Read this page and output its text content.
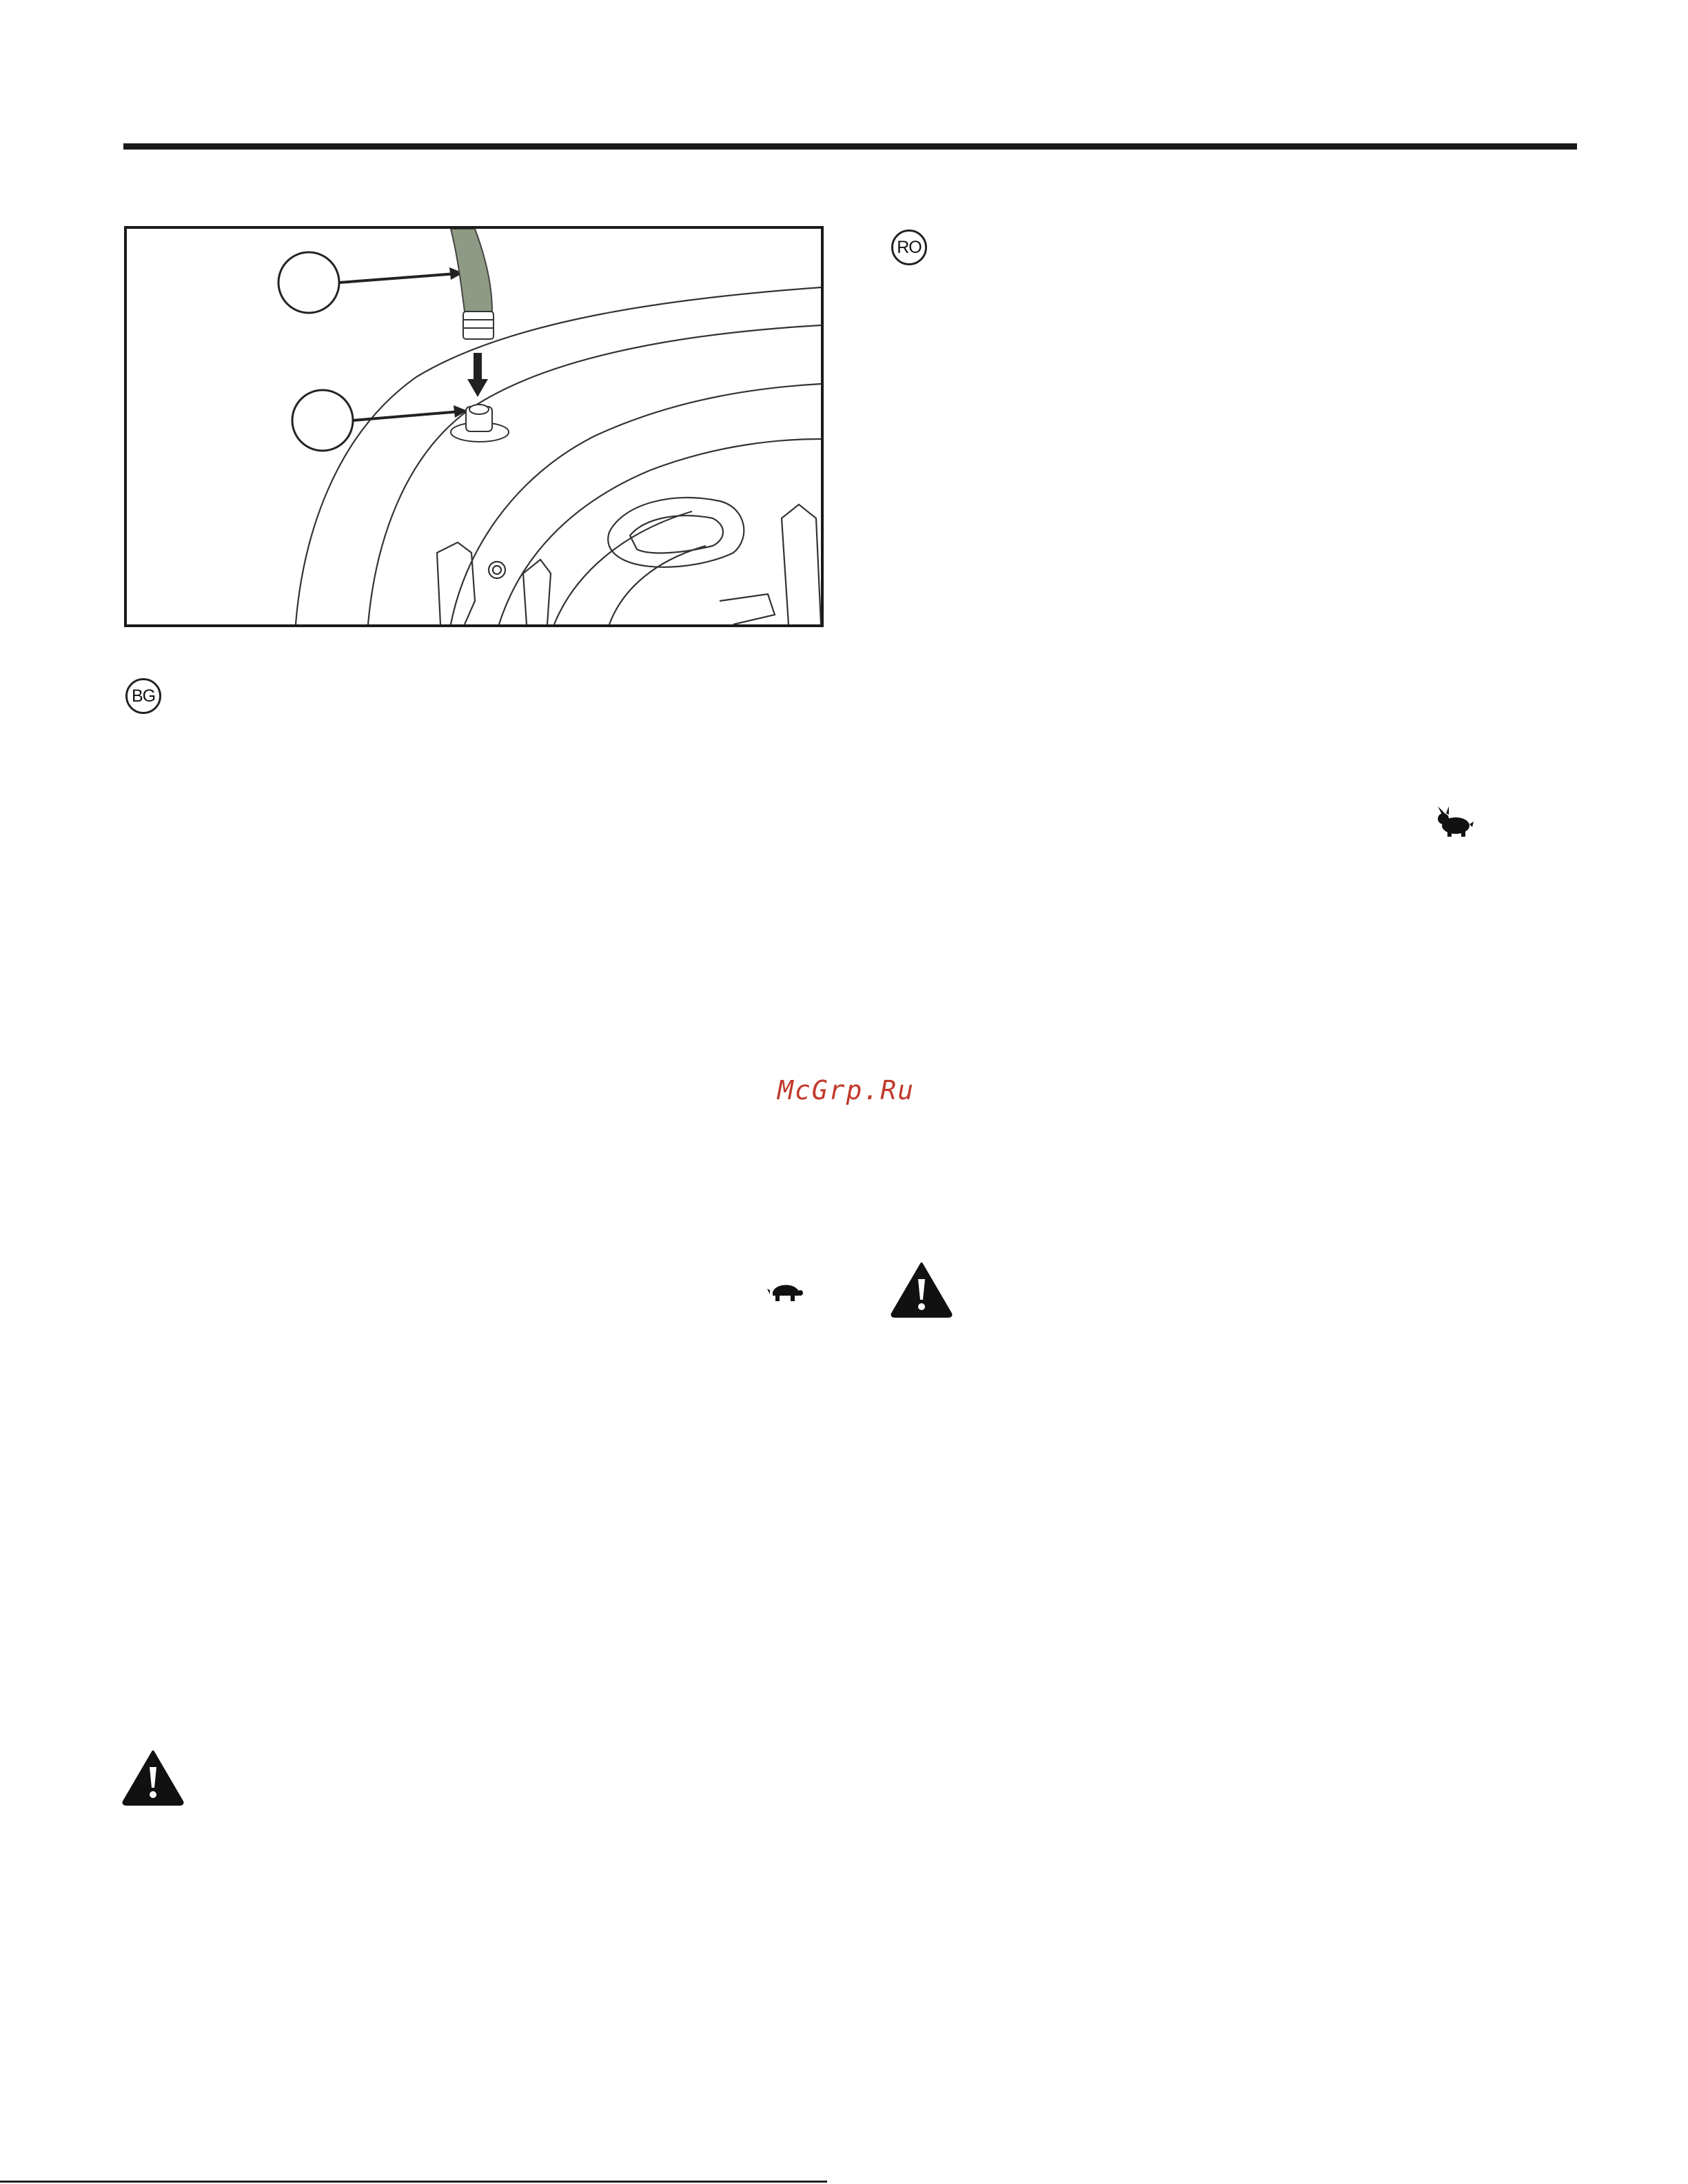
RO
BG
McGrp.Ru
